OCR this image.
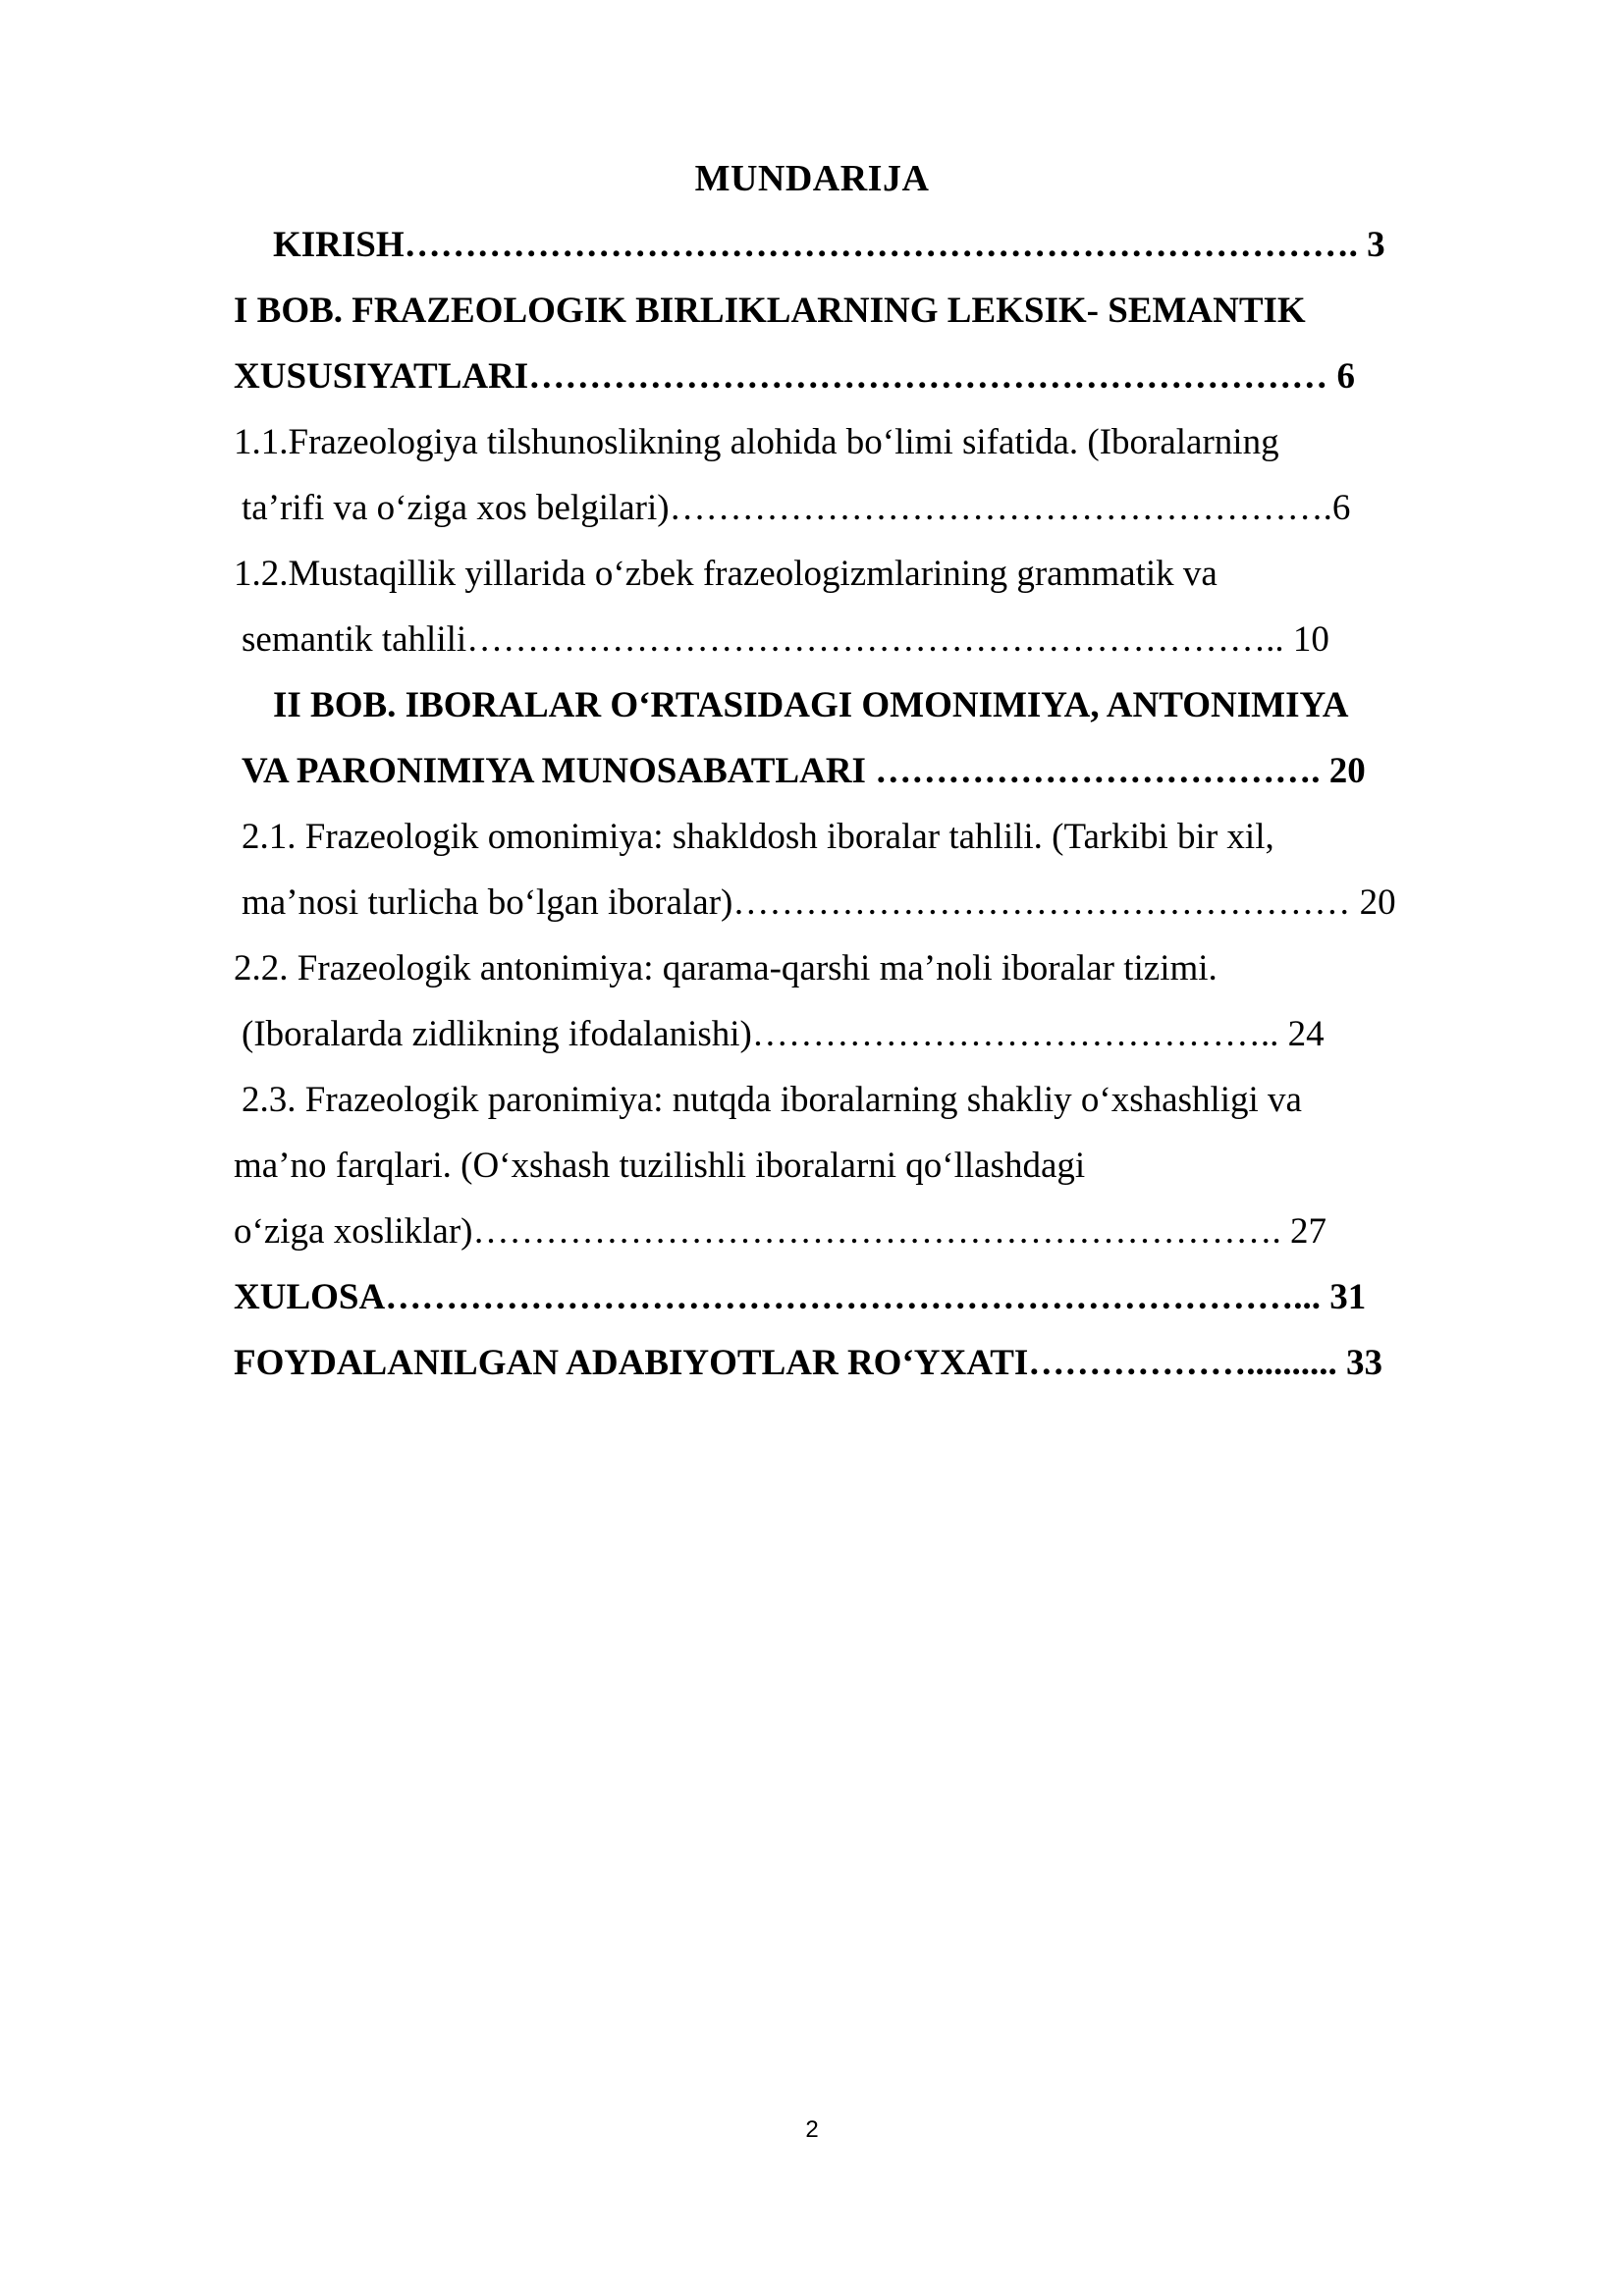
MUNDARIJA
KIRISH……………………………………………………………………. 3
I BOB. FRAZEOLOGIK BIRLIKLARNING LEKSIK- SEMANTIK
XUSUSIYATLARI………………………………………………………… 6
1.1.Frazeologiya tilshunoslikning alohida bo‘limi sifatida. (Iboralarning
ta’rifi va o‘ziga xos belgilari)……………………………………………….6
1.2.Mustaqillik yillarida o‘zbek frazeologizmlarining grammatik va
semantik tahlili………………………………………………………….. 10
II BOB. IBORALAR O‘RTASIDAGI OMONIMIYA, ANTONIMIYA
VA PARONIMIYA MUNOSABATLARI ………………………………. 20
2.1. Frazeologik omonimiya: shakldosh iboralar tahlili. (Tarkibi bir xil,
ma’nosi turlicha bo‘lgan iboralar)…………………………………………… 20
2.2. Frazeologik antonimiya: qarama-qarshi ma’noli iboralar tizimi.
(Iboralarda zidlikning ifodalanishi)…………………………………….. 24
2.3. Frazeologik paronimiya: nutqda iboralarning shakliy o‘xshashligi va
ma’no farqlari. (O‘xshash tuzilishli iboralarni qo‘llashdagi
o‘ziga xosliklar)…………………………………………………………. 27
XULOSA…………………………………………………………………... 31
FOYDALANILGAN ADABIYOTLAR RO‘YXATI……………….......... 33
2
